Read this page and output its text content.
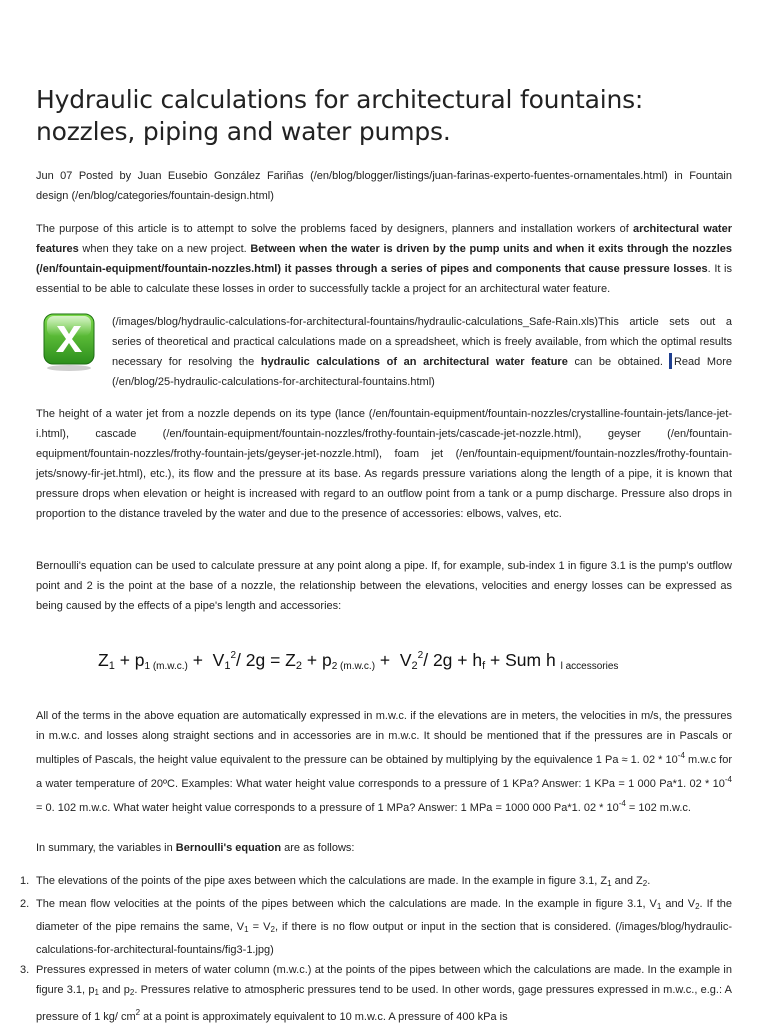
Hydraulic calculations for architectural fountains: nozzles, piping and water pumps.

Jun 07 Posted by Juan Eusebio González Fariñas (/en/blog/blogger/listings/juan-farinas-experto-fuentes-ornamentales.html) in Fountain design (/en/blog/categories/fountain-design.html)

The purpose of this article is to attempt to solve the problems faced by designers, planners and installation workers of architectural water features when they take on a new project. Between when the water is driven by the pump units and when it exits through the nozzles (/en/fountain-equipment/fountain-nozzles.html) it passes through a series of pipes and components that cause pressure losses. It is essential to be able to calculate these losses in order to successfully tackle a project for an architectural water feature.

(/images/blog/hydraulic-calculations-for-architectural-fountains/hydraulic-calculations_Safe-Rain.xls)This article sets out a series of theoretical and practical calculations made on a spreadsheet, which is freely available, from which the optimal results necessary for resolving the hydraulic calculations of an architectural water feature can be obtained. Read More (/en/blog/25-hydraulic-calculations-for-architectural-fountains.html)

The height of a water jet from a nozzle depends on its type (lance (/en/fountain-equipment/fountain-nozzles/crystalline-fountain-jets/lance-jet-i.html), cascade (/en/fountain-equipment/fountain-nozzles/frothy-fountain-jets/cascade-jet-nozzle.html), geyser (/en/fountain-equipment/fountain-nozzles/frothy-fountain-jets/geyser-jet-nozzle.html), foam jet (/en/fountain-equipment/fountain-nozzles/frothy-fountain-jets/snowy-fir-jet.html), etc.), its flow and the pressure at its base. As regards pressure variations along the length of a pipe, it is known that pressure drops when elevation or height is increased with regard to an outflow point from a tank or a pump discharge. Pressure also drops in proportion to the distance traveled by the water and due to the presence of accessories: elbows, valves, etc.

Bernoulli's equation can be used to calculate pressure at any point along a pipe. If, for example, sub-index 1 in figure 3.1 is the pump's outflow point and 2 is the point at the base of a nozzle, the relationship between the elevations, velocities and energy losses can be expressed as being caused by the effects of a pipe's length and accessories:

$Z_1 + p_{1 (m.w.c.)} + V_1^2/$ $2g = Z_2 + p_{2 (m.w.c.)} + V_2^2/$ $2g + h_f$ + Sum h $_{l accessories}$

All of the terms in the above equation are automatically expressed in m.w.c. if the elevations are in meters, the velocities in m/s, the pressures in m.w.c. and losses along straight sections and in accessories are in m.w.c. It should be mentioned that if the pressures are in Pascals or multiples of Pascals, the height value equivalent to the pressure can be obtained by multiplying by the equivalence 1 Pa ≈ 1. $02 * 10^{-4}$ m.w.c for a water temperature of 20ºC. Examples: What water height value corresponds to a pressure of 1 KPa? Answer: 1 KPa = 1 000 Pa*1. $02 * 10^{-4} = 0$. 102 m.w.c. What water height value corresponds to a pressure of 1 MPa? Answer: 1 MPa = 1000 000 Pa*1. $02 * 10^{-4} = 102$ m.w.c.

In summary, the variables in Bernoulli's equation are as follows:

1. The elevations of the points of the pipe axes between which the calculations are made. In the example in figure 3.1, $Z_1$ and $Z_2$.
2. The mean flow velocities at the points of the pipes between which the calculations are made. In the example in figure 3.1, $V_1$ and $V_2$. If the diameter of the pipe remains the same, $V_1 = V_2$, if there is no flow output or input in the section that is considered. (/images/blog/hydraulic-calculations-for-architectural-fountains/fig3-1.jpg)
3. Pressures expressed in meters of water column (m.w.c.) at the points of the pipes between which the calculations are made. In the example in figure 3.1, $p_1$ and $p_2$. Pressures relative to atmospheric pressures tend to be used. In other words, gage pressures expressed in m.w.c., e.g.: A pressure of 1 kg/ $cm^2$ at a point is approximately equivalent to 10 m.w.c. A pressure of 400 kPa is
